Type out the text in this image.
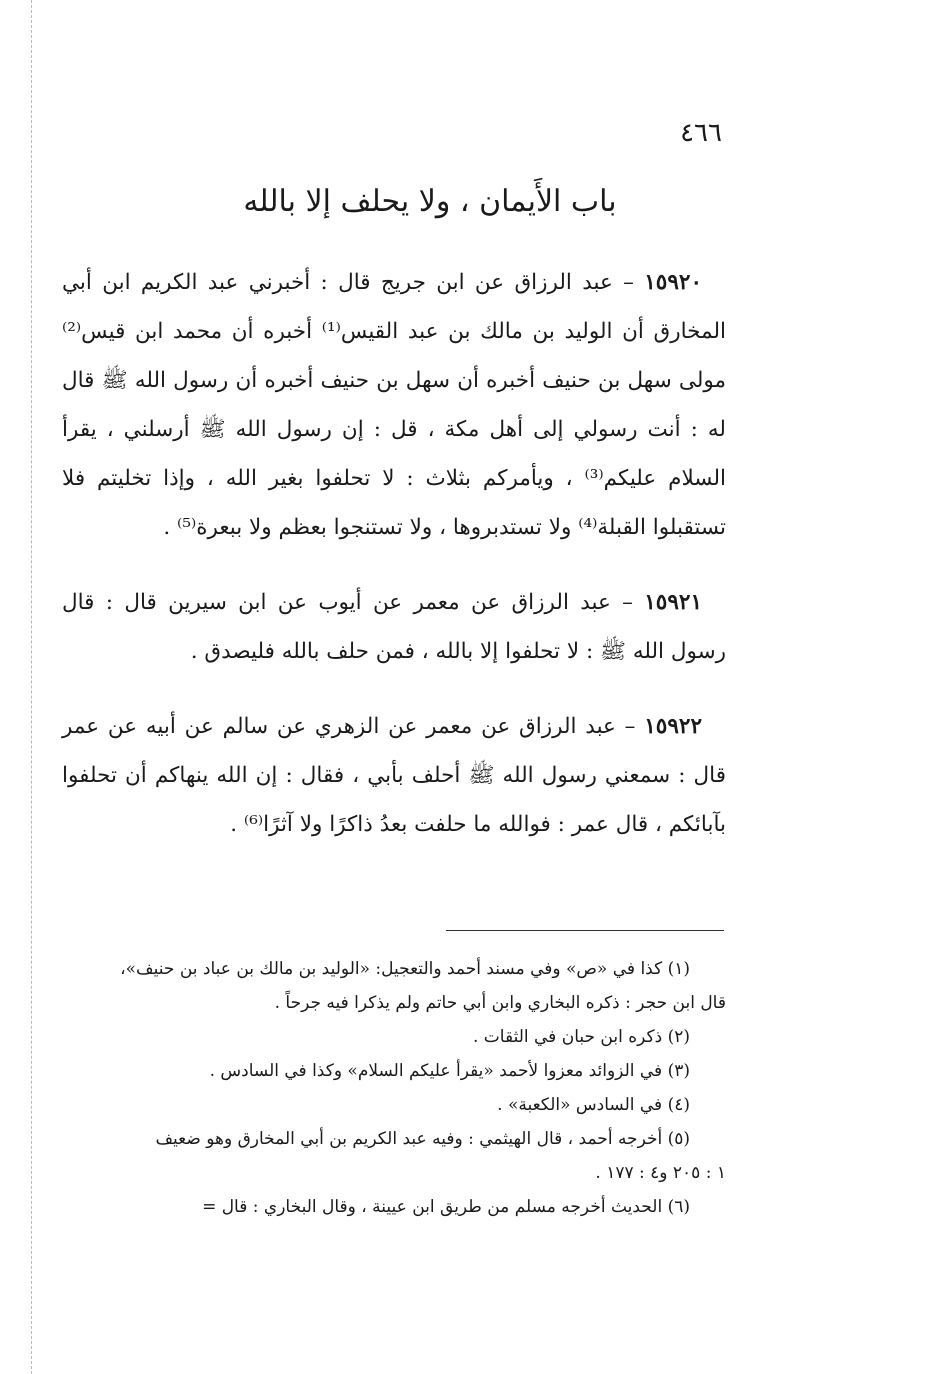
٤٦٦
باب الأَيمان ، ولا يحلف إلا بالله

١٥٩٢٠ – عبد الرزاق عن ابن جريج قال : أخبرني عبد الكريم ابن أبي المخارق أن الوليد بن مالك بن عبد القيس⁽¹⁾ أخبره أن محمد ابن قيس⁽²⁾ مولى سهل بن حنيف أخبره أن سهل بن حنيف أخبره أن رسول الله ﷺ قال له : أنت رسولي إلى أهل مكة ، قل : إن رسول الله ﷺ أرسلني ، يقرأ السلام عليكم⁽³⁾ ، ويأمركم بثلاث : لا تحلفوا بغير الله ، وإذا تخليتم فلا تستقبلوا القبلة⁽⁴⁾ ولا تستدبروها ، ولا تستنجوا بعظم ولا ببعرة⁽⁵⁾ .

١٥٩٢١ – عبد الرزاق عن معمر عن أيوب عن ابن سيرين قال : قال رسول الله ﷺ : لا تحلفوا إلا بالله ، فمن حلف بالله فليصدق .

١٥٩٢٢ – عبد الرزاق عن معمر عن الزهري عن سالم عن أبيه عن عمر قال : سمعني رسول الله ﷺ أحلف بأبي ، فقال : إن الله ينهاكم أن تحلفوا بآبائكم ، قال عمر : فوالله ما حلفت بعدُ ذاكرًا ولا آثرًا⁽⁶⁾ .

(١) كذا في «ص» وفي مسند أحمد والتعجيل: «الوليد بن مالك بن عباد بن حنيف»،

قال ابن حجر : ذكره البخاري وابن أبي حاتم ولم يذكرا فيه جرحاً .

(٢) ذكره ابن حبان في الثقات .

(٣) في الزوائد معزوا لأحمد «يقرأ عليكم السلام» وكذا في السادس .

(٤) في السادس «الكعبة» .

(٥) أخرجه أحمد ، قال الهيثمي : وفيه عبد الكريم بن أبي المخارق وهو ضعيف

١ : ٢٠٥ و٤ : ١٧٧ .

(٦) الحديث أخرجه مسلم من طريق ابن عيينة ، وقال البخاري : قال =
